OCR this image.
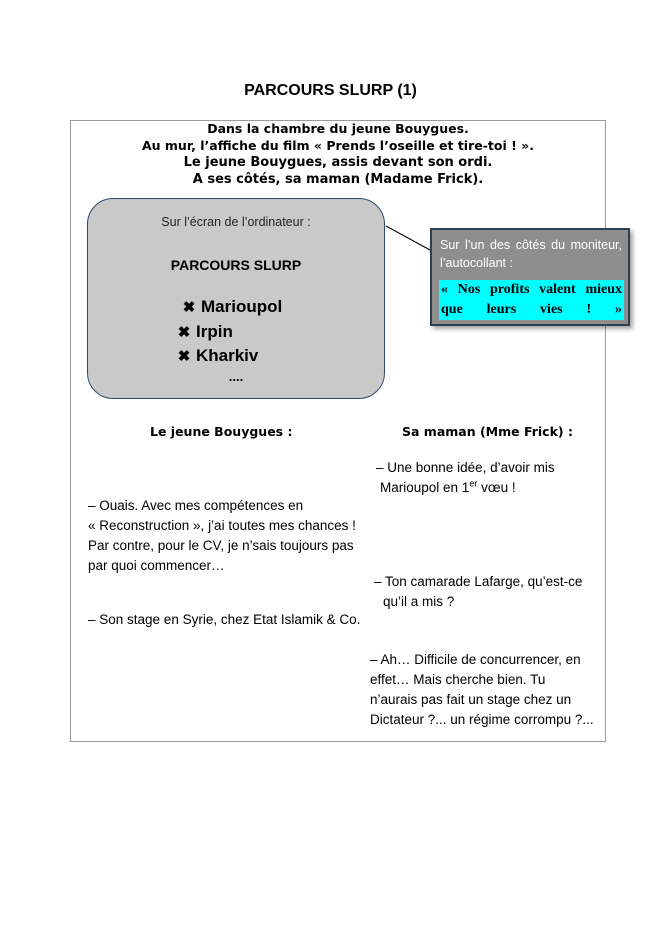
PARCOURS SLURP (1)
Dans la chambre du jeune Bouygues.
Au mur, l’affiche du film « Prends l’oseille et tire-toi ! ».
Le jeune Bouygues, assis devant son ordi.
A ses côtés, sa maman (Madame Frick).
Sur l’écran de l’ordinateur :
PARCOURS SLURP
✖ Marioupol
✖ Irpin
✖ Kharkiv
....
Sur l’un des côtés du moniteur, l’autocollant :
« Nos profits valent mieux que leurs vies ! »
Le jeune Bouygues :	Sa maman (Mme Frick) :
– Ouais. Avec mes compétences en
« Reconstruction », j’ai toutes mes chances !
Par contre, pour le CV, je n’sais toujours pas
par quoi commencer…
– Son stage en Syrie, chez Etat Islamik & Co.
– Une bonne idée, d’avoir mis
Marioupol en 1er vœu !
– Ton camarade Lafarge, qu’est-ce
qu’il a mis ?
– Ah… Difficile de concurrencer, en
effet… Mais cherche bien. Tu
n’aurais pas fait un stage chez un
Dictateur ?... un régime corrompu ?...
